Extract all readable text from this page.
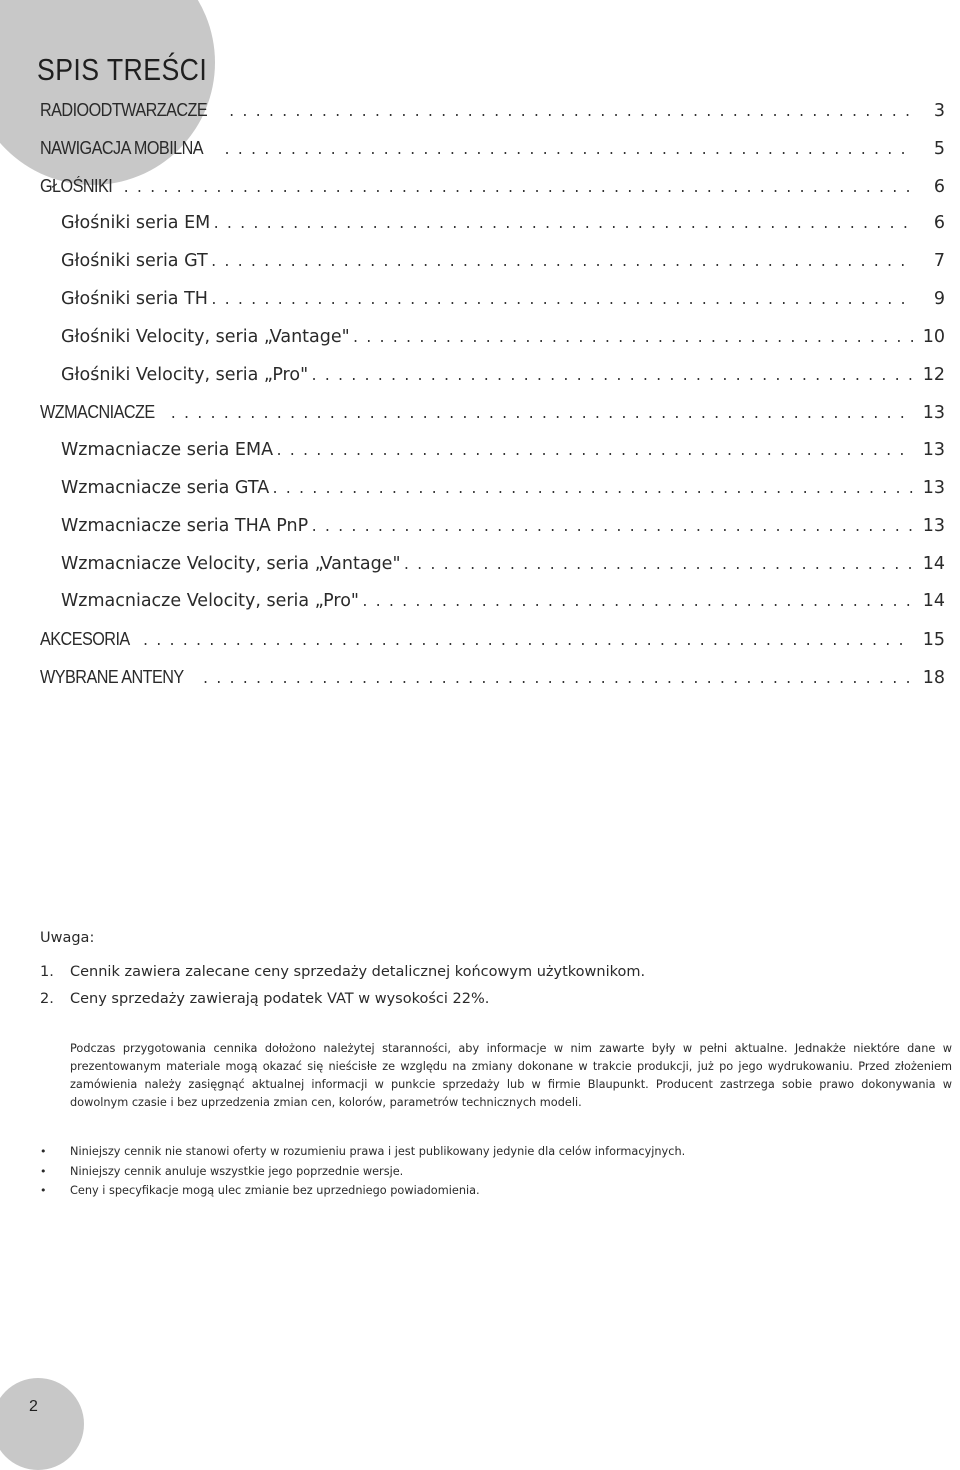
SPIS TREŚCI
RADIOODTWARZACZE . . .	3
NAWIGACJA MOBILNA . . .	5
GŁOŚNIKI . . .	6
Głośniki seria EM . . .	6
Głośniki seria GT . . .	7
Głośniki seria TH . . .	9
Głośniki Velocity, seria „Vantage" . . .	10
Głośniki Velocity, seria „Pro" . . .	12
WZMACNIACZE . . .	13
Wzmacniacze seria EMA . . .	13
Wzmacniacze seria GTA . . .	13
Wzmacniacze seria THA PnP . . .	13
Wzmacniacze Velocity, seria „Vantage" . . .	14
Wzmacniacze Velocity, seria „Pro" . . .	14
AKCESORIA . . .	15
WYBRANE ANTENY . . .	18

Uwaga:

1.	Cennik zawiera zalecane ceny sprzedaży detalicznej końcowym użytkownikom.
2.	Ceny sprzedaży zawierają podatek VAT w wysokości 22%.

Podczas przygotowania cennika dołożono należytej staranności, aby informacje w nim zawarte były w pełni aktualne. Jednakże niektóre dane w prezentowanym materiale mogą okazać się nieścisłe ze względu na zmiany dokonane w trakcie produkcji, już po jego wydrukowaniu. Przed złożeniem zamówienia należy zasięgnąć aktualnej informacji w punkcie sprzedaży lub w firmie Blaupunkt. Producent zastrzega sobie prawo dokonywania w dowolnym czasie i bez uprzedzenia zmian cen, kolorów, parametrów technicznych modeli.

•	Niniejszy cennik nie stanowi oferty w rozumieniu prawa i jest publikowany jedynie dla celów informacyjnych.
•	Niniejszy cennik anuluje wszystkie jego poprzednie wersje.
•	Ceny i specyfikacje mogą ulec zmianie bez uprzedniego powiadomienia.
2
